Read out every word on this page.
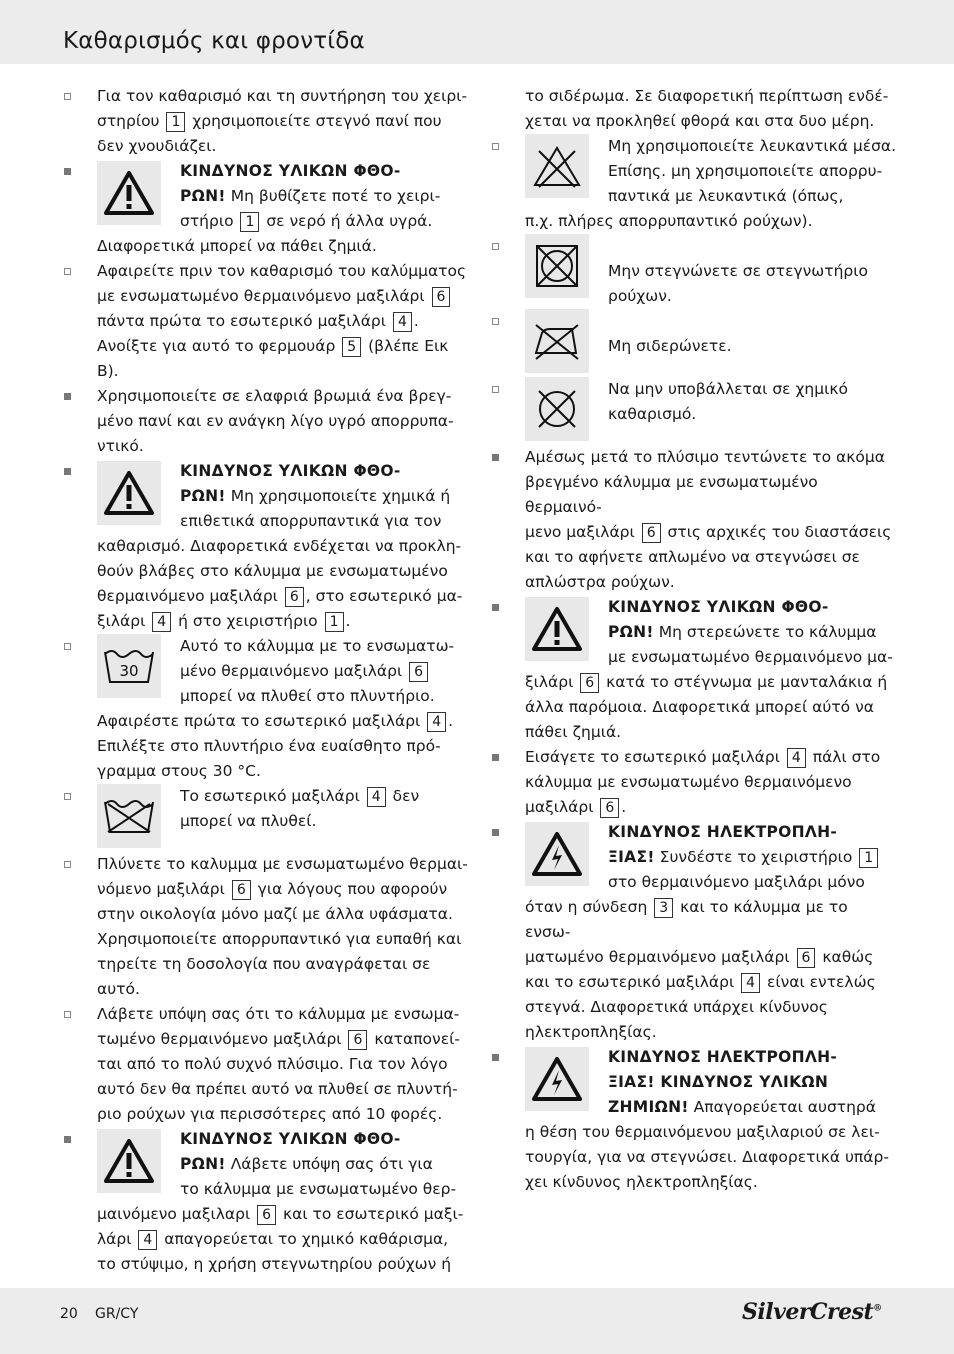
Καθαρισμός και φροντίδα
Για τον καθαρισμό και τη συντήρηση του χειρι-
στηρίου 1 χρησιμοποιείτε στεγνό πανί που
δεν χνουδιάζει.
ΚΙΝΔΥΝΟΣ ΥΛΙΚΩΝ ΦΘΟ-
ΡΩΝ! Μη βυθίζετε ποτέ το χειρι-
στήριο 1 σε νερό ή άλλα υγρά.
Διαφορετικά μπορεί να πάθει ζημιά.
Αφαιρείτε πριν τον καθαρισμό του καλύμματος
με ενσωματωμένο θερμαινόμενο μαξιλάρι 6
πάντα πρώτα το εσωτερικό μαξιλάρι 4 .
Ανοίξτε για αυτό το φερμουάρ 5 (βλέπε Εικ B).
Χρησιμοποιείτε σε ελαφριά βρωμιά ένα βρεγ-
μένο πανί και εν ανάγκη λίγο υγρό απορρυπα-
ντικό.
ΚΙΝΔΥΝΟΣ ΥΛΙΚΩΝ ΦΘΟ-
ΡΩΝ! Μη χρησιμοποιείτε χημικά ή
επιθετικά απορρυπαντικά για τον
καθαρισμό. Διαφορετικά ενδέχεται να προκλη-
θούν βλάβες στο κάλυμμα με ενσωματωμένο
θερμαινόμενο μαξιλάρι 6 , στο εσωτερικό μα-
ξιλάρι 4 ή στο χειριστήριο 1 .
30
Αυτό το κάλυμμα με το ενσωματω-
μένο θερμαινόμενο μαξιλάρι 6
μπορεί να πλυθεί στο πλυντήριο.
Αφαιρέστε πρώτα το εσωτερικό μαξιλάρι 4 .
Επιλέξτε στο πλυντήριο ένα ευαίσθητο πρό-
γραμμα στους 30 °C.
Το εσωτερικό μαξιλάρι 4 δεν
μπορεί να πλυθεί.
Πλύνετε το καλυμμα με ενσωματωμένο θερμαι-
νόμενο μαξιλάρι 6 για λόγους που αφορούν
στην οικολογία μόνο μαζί με άλλα υφάσματα.
Χρησιμοποιείτε απορρυπαντικό για ευπαθή και
τηρείτε τη δοσολογία που αναγράφεται σε
αυτό.
Λάβετε υπόψη σας ότι το κάλυμμα με ενσωμα-
τωμένο θερμαινόμενο μαξιλάρι 6 καταπονεί-
ται από το πολύ συχνό πλύσιμο. Για τον λόγο
αυτό δεν θα πρέπει αυτό να πλυθεί σε πλυντή-
ριο ρούχων για περισσότερες από 10 φορές.
ΚΙΝΔΥΝΟΣ ΥΛΙΚΩΝ ΦΘΟ-
ΡΩΝ! Λάβετε υπόψη σας ότι για
το κάλυμμα με ενσωματωμένο θερ-
μαινόμενο μαξιλαρι 6 και το εσωτερικό μαξι-
λάρι 4 απαγορεύεται το χημικό καθάρισμα,
το στύψιμο, η χρήση στεγνωτηρίου ρούχων ή
το σιδέρωμα. Σε διαφορετική περίπτωση ενδέ-
χεται να προκληθεί φθορά και στα δυο μέρη.
Μη χρησιμοποιείτε λευκαντικά μέσα.
Επίσης. μη χρησιμοποιείτε απορρυ-
παντικά με λευκαντικά (όπως,
π.χ. πλήρες απορρυπαντικό ρούχων).

Μην στεγνώνετε σε στεγνωτήριο
ρούχων.

Μη σιδερώνετε.
Να μην υποβάλλεται σε χημικό
καθαρισμό.
Αμέσως μετά το πλύσιμο τεντώνετε το ακόμα
βρεγμένο κάλυμμα με ενσωματωμένο θερμαινό-
μενο μαξιλάρι 6 στις αρχικές του διαστάσεις
και το αφήνετε απλωμένο να στεγνώσει σε
απλώστρα ρούχων.
ΚΙΝΔΥΝΟΣ ΥΛΙΚΩΝ ΦΘΟ-
ΡΩΝ! Μη στερεώνετε το κάλυμμα
με ενσωματωμένο θερμαινόμενο μα-
ξιλάρι 6 κατά το στέγνωμα με μανταλάκια ή
άλλα παρόμοια. Διαφορετικά μπορεί αύτό να
πάθει ζημιά.
Εισάγετε το εσωτερικό μαξιλάρι 4 πάλι στο
κάλυμμα με ενσωματωμένο θερμαινόμενο
μαξιλάρι 6 .
ΚΙΝΔΥΝΟΣ ΗΛΕΚΤΡΟΠΛΗ-
ΞΙΑΣ! Συνδέστε το χειριστήριο 1
στο θερμαινόμενο μαξιλάρι μόνο
όταν η σύνδεση 3 και το κάλυμμα με το ενσω-
ματωμένο θερμαινόμενο μαξιλάρι 6 καθώς
και το εσωτερικό μαξιλάρι 4 είναι εντελώς
στεγνά. Διαφορετικά υπάρχει κίνδυνος
ηλεκτροπληξίας.
ΚΙΝΔΥΝΟΣ ΗΛΕΚΤΡΟΠΛΗ-
ΞΙΑΣ! ΚΙΝΔΥΝΟΣ ΥΛΙΚΩΝ
ΖΗΜΙΩΝ! Απαγορεύεται αυστηρά
η θέση του θερμαινόμενου μαξιλαριού σε λει-
τουργία, για να στεγνώσει. Διαφορετικά υπάρ-
χει κίνδυνος ηλεκτροπληξίας.
20 GR/CY	SilverCrest®
